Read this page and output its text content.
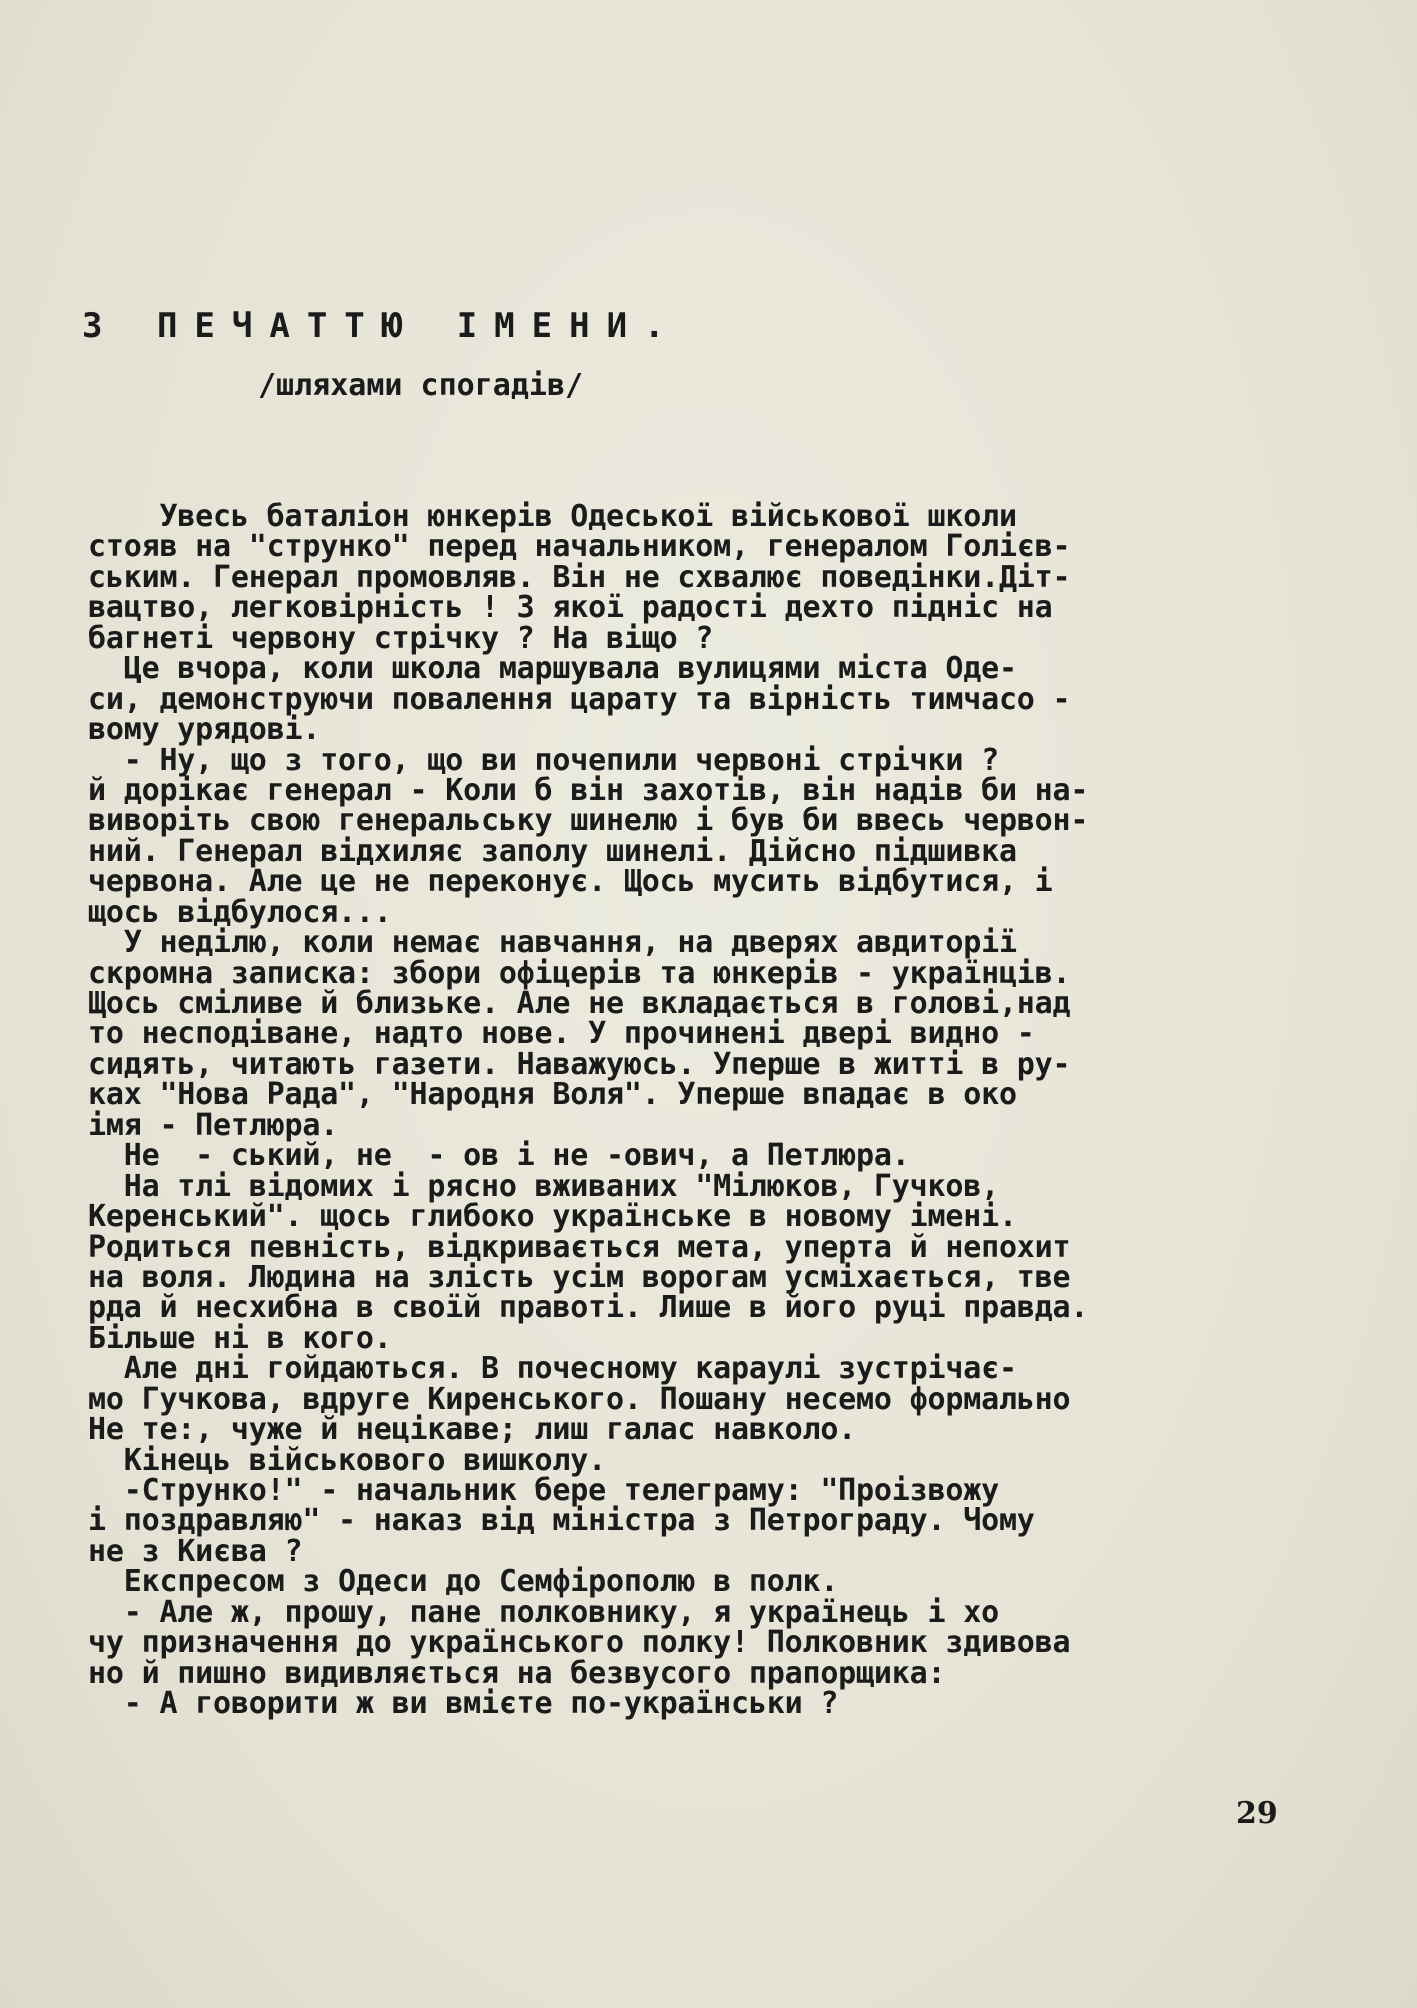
З ПЕЧАТТЮ ІМЕНИ.
/шляхами спогадів/
Увесь баталіон юнкерів Одеської військової школи
стояв на "струнко" перед начальником, генералом Голієв-
ським. Генерал промовляв. Він не схвалює поведінки.Діт-
вацтво, легковірність ! З якої радості дехто підніс на
багнеті червону стрічку ? На віщо ?
Це вчора, коли школа маршувала вулицями міста Оде-
си, демонструючи повалення царату та вірність тимчасо -
вому урядові.
- Ну, що з того, що ви почепили червоні стрічки ?
й дорікає генерал - Коли б він захотів, він надів би на-
виворіть свою генеральську шинелю і був би ввесь червон-
ний. Генерал відхиляє заполу шинелі. Дійсно підшивка
червона. Але це не переконує. Щось мусить відбутися, і
щось відбулося...
У неділю, коли немає навчання, на дверях авдиторії
скромна записка: збори офіцерів та юнкерів - українців.
Щось сміливе й близьке. Але не вкладається в голові,над
то несподіване, надто нове. У прочинені двері видно -
сидять, читають газети. Наважуюсь. Уперше в житті в ру-
ках "Нова Рада", "Народня Воля". Уперше впадає в око
імя - Петлюра.
Не  - ський, не  - ов і не -ович, а Петлюра.
На тлі відомих і рясно вживаних "Мілюков, Гучков,
Керенський". щось глибоко українське в новому імені.
Родиться певність, відкривається мета, уперта й непохит
на воля. Людина на злість усім ворогам усміхається, тве
рда й несхибна в своїй правоті. Лише в його руці правда.
Більше ні в кого.
Але дні гойдаються. В почесному караулі зустрічає-
мо Гучкова, вдруге Киренського. Пошану несемо формально
Не те:, чуже й нецікаве; лиш галас навколо.
Кінець військового вишколу.
-Струнко!" - начальник бере телеграму: "Проізвожу
і поздравляю" - наказ від міністра з Петрограду. Чому
не з Києва ?
Експресом з Одеси до Семфірополю в полк.
- Але ж, прошу, пане полковнику, я українець і хо
чу призначення до українського полку! Полковник здивова
но й пишно видивляється на безвусого прапорщика:
- А говорити ж ви вмієте по-українськи ?
29
